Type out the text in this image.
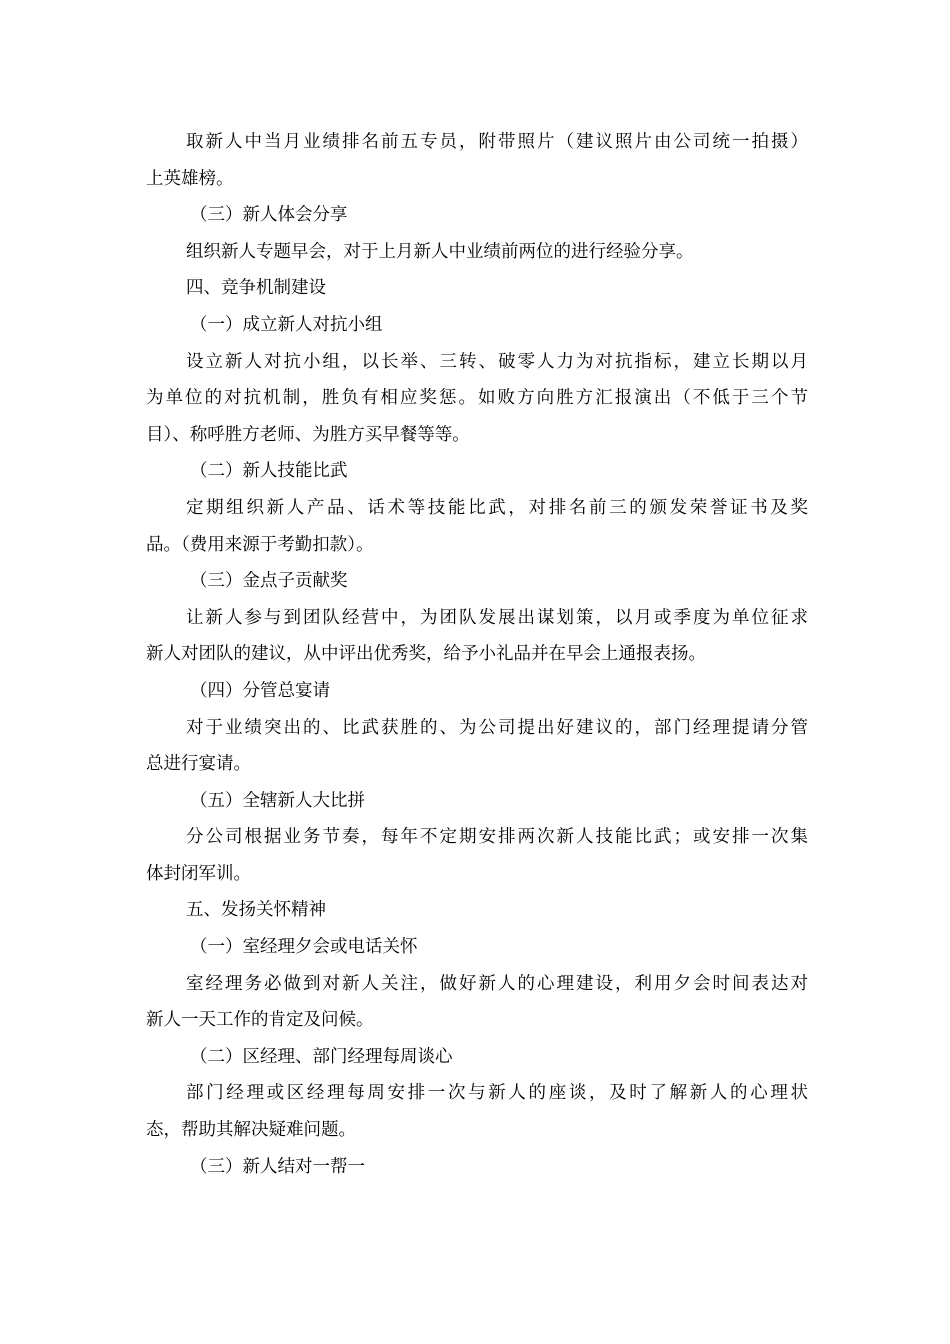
取新人中当月业绩排名前五专员，附带照片（建议照片由公司统一拍摄）
上英雄榜。
（三）新人体会分享
组织新人专题早会，对于上月新人中业绩前两位的进行经验分享。
四、竞争机制建设
（一）成立新人对抗小组
设立新人对抗小组，以长举、三转、破零人力为对抗指标，建立长期以月
为单位的对抗机制，胜负有相应奖惩。如败方向胜方汇报演出（不低于三个节
目）、称呼胜方老师、为胜方买早餐等等。
（二）新人技能比武
定期组织新人产品、话术等技能比武，对排名前三的颁发荣誉证书及奖
品。（费用来源于考勤扣款）。
（三）金点子贡献奖
让新人参与到团队经营中，为团队发展出谋划策，以月或季度为单位征求
新人对团队的建议，从中评出优秀奖，给予小礼品并在早会上通报表扬。
（四）分管总宴请
对于业绩突出的、比武获胜的、为公司提出好建议的，部门经理提请分管
总进行宴请。
（五）全辖新人大比拼
分公司根据业务节奏，每年不定期安排两次新人技能比武；或安排一次集
体封闭军训。
五、发扬关怀精神
（一）室经理夕会或电话关怀
室经理务必做到对新人关注，做好新人的心理建设，利用夕会时间表达对
新人一天工作的肯定及问候。
（二）区经理、部门经理每周谈心
部门经理或区经理每周安排一次与新人的座谈，及时了解新人的心理状
态，帮助其解决疑难问题。
（三）新人结对一帮一
